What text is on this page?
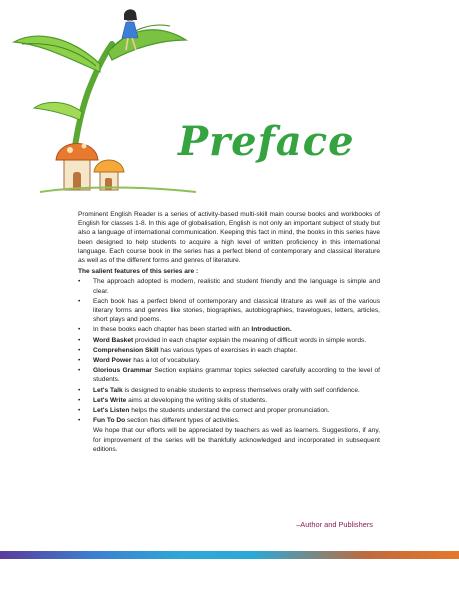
Preface

Prominent English Reader is a series of activity-based multi-skill main course books and workbooks of English for classes 1-8. In this age of globalisation, English is not only an important subject of study but also a language of international communication. Keeping this fact in mind, the books in this series have been designed to help students to acquire a high level of written proficiency in this international language. Each course book in the series has a perfect blend of contemporary and classical literature as well as of the different forms and genres of literature.

The salient features of this series are :
• The approach adopted is modern, realistic and student friendly and the language is simple and clear.
• Each book has a perfect blend of contemporary and classical litrature as well as of the various literary forms and genres like stories, biographies, autobiographies, travelogues, letters, articles, short plays and poems.
• In these books each chapter has been started with an Introduction.
• Word Basket provided in each chapter explain the meaning of difficult words in simple words.
• Comprehension Skill has various types of exercises in each chapter.
• Word Power has a lot of vocabulary.
• Glorious Grammar Section explains grammar topics selected carefully according to the level of students.
• Let's Talk is designed to enable students to express themselves orally with self confidence.
• Let's Write aims at developing the writing skills of students.
• Let's Listen helps the students understand the correct and proper pronunciation.
• Fun To Do section has different types of activities.

We hope that our efforts will be appreciated by teachers as well as learners. Suggestions, if any, for improvement of the series will be thankfully acknowledged and incorporated in subsequent editions.

–Author and Publishers
